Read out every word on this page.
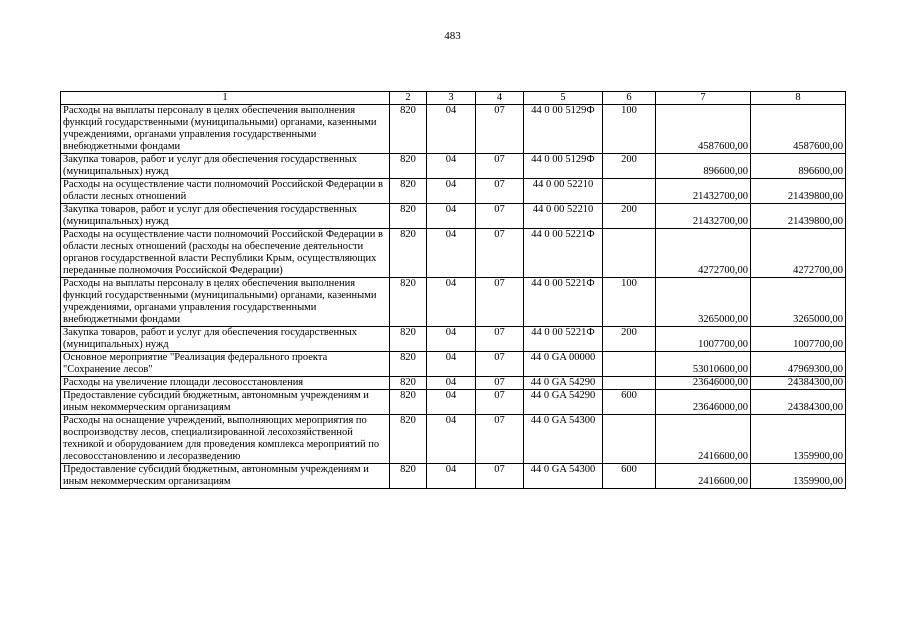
483
1	2	3	4	5	6	7	8
Расходы на выплаты персоналу в целях обеспечения выполнения функций государственными (муниципальными) органами, казенными учреждениями, органами управления государственными внебюджетными фондами	820	04	07	44 0 00 5129Ф	100	4587600,00	4587600,00
Закупка товаров, работ и услуг для обеспечения государственных (муниципальных) нужд	820	04	07	44 0 00 5129Ф	200	896600,00	896600,00
Расходы на осуществление части полномочий Российской Федерации в области лесных отношений	820	04	07	44 0 00 52210		21432700,00	21439800,00
Закупка товаров, работ и услуг для обеспечения государственных (муниципальных) нужд	820	04	07	44 0 00 52210	200	21432700,00	21439800,00
Расходы на осуществление части полномочий Российской Федерации в области лесных отношений (расходы на обеспечение деятельности органов государственной власти Республики Крым, осуществляющих переданные полномочия Российской Федерации)	820	04	07	44 0 00 5221Ф		4272700,00	4272700,00
Расходы на выплаты персоналу в целях обеспечения выполнения функций государственными (муниципальными) органами, казенными учреждениями, органами управления государственными внебюджетными фондами	820	04	07	44 0 00 5221Ф	100	3265000,00	3265000,00
Закупка товаров, работ и услуг для обеспечения государственных (муниципальных) нужд	820	04	07	44 0 00 5221Ф	200	1007700,00	1007700,00
Основное мероприятие "Реализация федерального проекта "Сохранение лесов"	820	04	07	44 0 GA 00000		53010600,00	47969300,00
Расходы на увеличение площади лесовосстановления	820	04	07	44 0 GA 54290		23646000,00	24384300,00
Предоставление субсидий бюджетным, автономным учреждениям и иным некоммерческим организациям	820	04	07	44 0 GA 54290	600	23646000,00	24384300,00
Расходы на оснащение учреждений, выполняющих мероприятия по воспроизводству лесов, специализированной лесохозяйственной техникой и оборудованием для проведения комплекса мероприятий по лесовосстановлению и лесоразведению	820	04	07	44 0 GA 54300		2416600,00	1359900,00
Предоставление субсидий бюджетным, автономным учреждениям и иным некоммерческим организациям	820	04	07	44 0 GA 54300	600	2416600,00	1359900,00
